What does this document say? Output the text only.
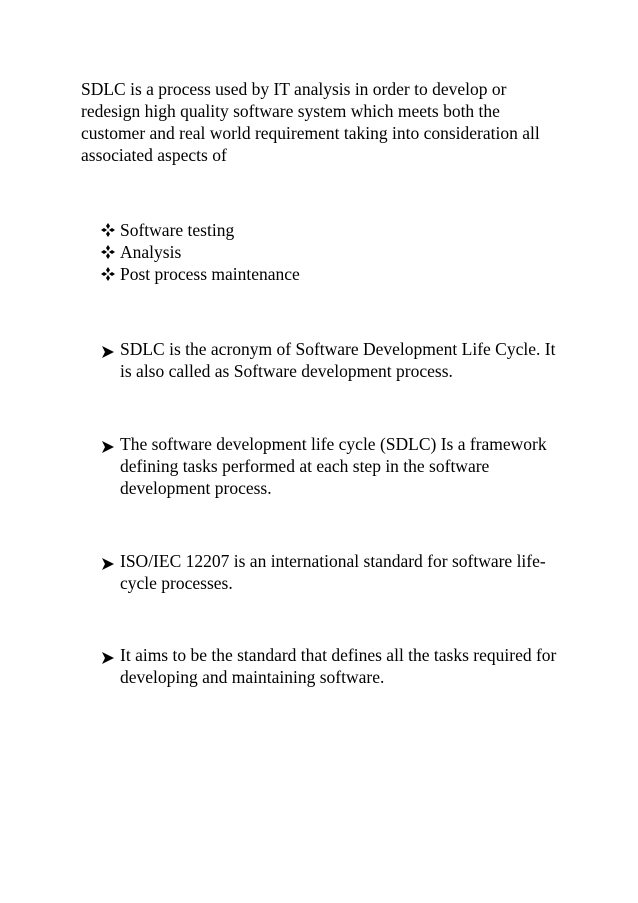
SDLC is a process used by IT analysis in order to develop or redesign high quality software system which meets both the customer and real world requirement taking into consideration all associated aspects of

Software testing
Analysis
Post process maintenance

SDLC is the acronym of Software Development Life Cycle. It is also called as Software development process.

The software development life cycle (SDLC) Is a framework defining tasks performed at each step in the software development process.

ISO/IEC 12207 is an international standard for software life-cycle processes.

It aims to be the standard that defines all the tasks required for developing and maintaining software.
